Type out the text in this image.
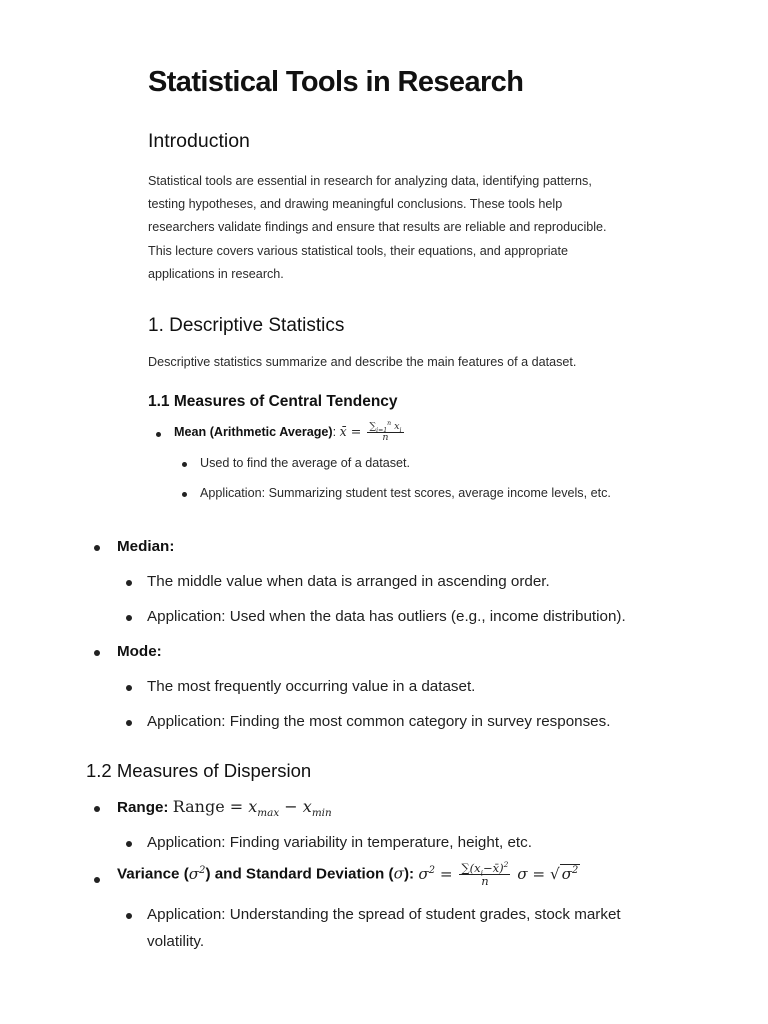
Statistical Tools in Research
Introduction

Statistical tools are essential in research for analyzing data, identifying patterns, testing hypotheses, and drawing meaningful conclusions. These tools help researchers validate findings and ensure that results are reliable and reproducible. This lecture covers various statistical tools, their equations, and appropriate applications in research.

1. Descriptive Statistics

Descriptive statistics summarize and describe the main features of a dataset.

1.1 Measures of Central Tendency
Mean (Arithmetic Average): x̄ = $\frac{\sum_{i=1}^n x_i}{n}$

Used to find the average of a dataset.

Application: Summarizing student test scores, average income levels, etc.

Median:

The middle value when data is arranged in ascending order.

Application: Used when the data has outliers (e.g., income distribution).

Mode:

The most frequently occurring value in a dataset.

Application: Finding the most common category in survey responses.

1.2 Measures of Dispersion
Range: Range = $x_{max} - x_{min}$

Application: Finding variability in temperature, height, etc.

Variance $(\sigma^2)$ and Standard Deviation (σ): $\sigma^2 = \frac{\sum(x_i-x̄)^2}{n}$ σ = √ $\sigma^2$

Application: Understanding the spread of student grades, stock market

volatility.
